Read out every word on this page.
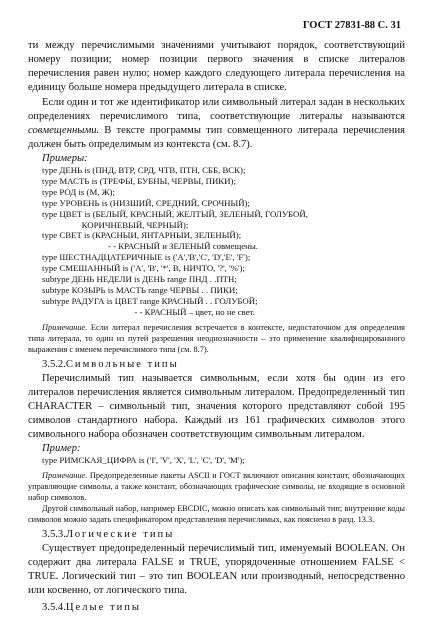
ГОСТ 27831-88 С. 31

ти между перечислимыми значениями учитывают порядок, соответствующий номеру позиции; номер позиции первого значения в списке литералов перечисления равен нулю; номер каждого следующего литерала перечисления на единицу больше номера предыдущего литерала в списке.

Если один и тот же идентификатор или символьный литерал задан в нескольких определениях перечислимого типа, соответствующие литералы называются совмещенными. В тексте программы тип совмещенного литерала перечисления должен быть определимым из контекста (см. 8.7).

Примеры:
type ДЕНЬ is (ПНД, ВТР, СРД, ЧТВ, ПТН, СББ, ВСК);
type МАСТЬ is (ТРЕФЫ, БУБНЫ, ЧЕРВЫ, ПИКИ);
type РОД is (М, Ж);
type УРОВЕНЬ is (НИЗШИЙ, СРЕДНИЙ, СРОЧНЫЙ);
type ЦВЕТ is (БЕЛЫЙ, КРАСНЫЙ, ЖЕЛТЫЙ, ЗЕЛЕНЫЙ, ГОЛУБОЙ,
КОРИЧНЕВЫЙ, ЧЕРНЫЙ);
type СВЕТ is (КРАСНЫИ, ЯНТАРНЫИ, ЗЕЛЕНЫЙ);
- - КРАСНЫЙ и ЗЕЛЕНЫЙ совмещены.
type ШЕСТНАДЦАТЕРИЧНЫЕ is ('А','В','С', 'D','Е', 'F');
type СМЕШАННЫЙ is ('А', 'В', '*', В, НИЧТО, '?', '%');
subtype ДЕНЬ НЕДЕЛИ is ДЕНЬ range ПНД . .ПТН;
subtype КОЗЫРЬ is МАСТЬ range ЧЕРВЫ . . ПИКИ;
subtype РАДУГА is ЦВЕТ range КРАСНЫЙ . . ГОЛУБОЙ;
- - КРАСНЫЙ – цвет, но не свет.

Примечание. Если литерал перечисления встречается в контексте, недостаточном для определения типа литерала, то один из путей разрешения неоднозначности – это применение квалифицированного выражения с именем перечислимого типа (см. 8.7).

3.5.2.Символьные типы

Перечислимый тип называется символьным, если хотя бы один из его литералов перечисления является символьным литералом. Предопределенный тип CHARACTER – символьный тип, значения которого представляют собой 195 символов стандартного набора. Каждый из 161 графических символов этого символьного набора обозначен соответствующим символьным литералом.

Пример:
type РИМСКАЯ_ЦИФРА is ('I', 'V', 'X', 'L', 'С', 'D', 'М');

Примечание. Предопределенные пакеты ASCII и ГОСТ включают описания констант, обозначающих управляющие символы, а также констант, обозначающих графические символы, не входящие в основной набор символов.

Другой символьный набор, например EBCDIC, можно описать как символьный тип; внутренние коды символов можно задать спецификатором представления перечислимых, как пояснено в разд. 13.3.

3.5.3.Логические типы

Существует предопределенный перечислимый тип, именуемый BOOLEAN. Он содержит два литерала FALSE и TRUE, упорядоченные отношением FALSE < TRUE. Логический тип – это тип BOOLEAN или производный, непосредственно или косвенно, от логического типа.

3.5.4.Целые типы
